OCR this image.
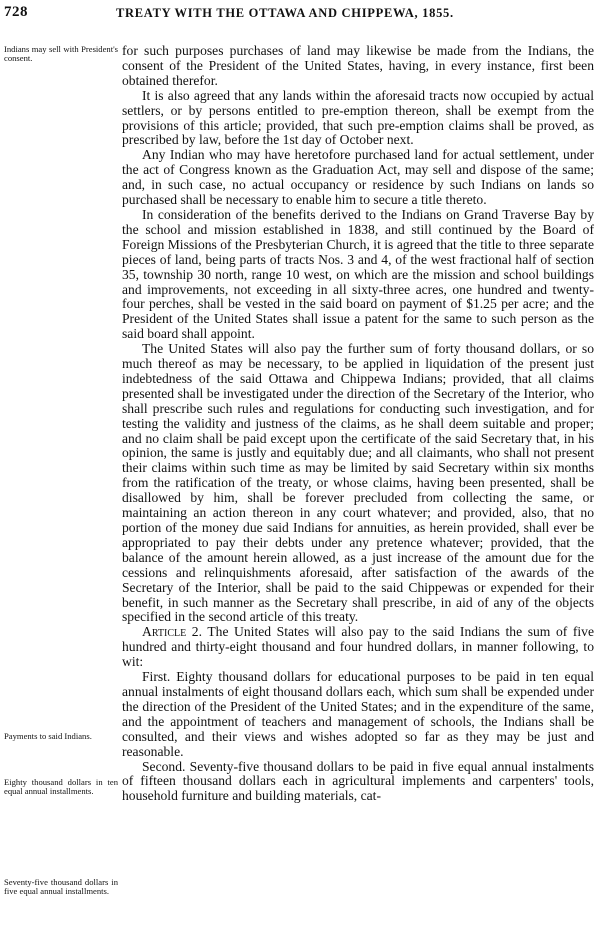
728	TREATY WITH THE OTTAWA AND CHIPPEWA, 1855.
Indians may sell with President's consent.
Payments to said Indians.
Eighty thousand dollars in ten equal annual installments.
Seventy-five thousand dollars in five equal annual installments.

for such purposes purchases of land may likewise be made from the Indians, the consent of the President of the United States, having, in every instance, first been obtained therefor.

It is also agreed that any lands within the aforesaid tracts now occupied by actual settlers, or by persons entitled to pre-emption thereon, shall be exempt from the provisions of this article; provided, that such pre-emption claims shall be proved, as prescribed by law, before the 1st day of October next.

Any Indian who may have heretofore purchased land for actual settlement, under the act of Congress known as the Graduation Act, may sell and dispose of the same; and, in such case, no actual occupancy or residence by such Indians on lands so purchased shall be necessary to enable him to secure a title thereto.

In consideration of the benefits derived to the Indians on Grand Traverse Bay by the school and mission established in 1838, and still continued by the Board of Foreign Missions of the Presbyterian Church, it is agreed that the title to three separate pieces of land, being parts of tracts Nos. 3 and 4, of the west fractional half of section 35, township 30 north, range 10 west, on which are the mission and school buildings and improvements, not exceeding in all sixty-three acres, one hundred and twenty-four perches, shall be vested in the said board on payment of $1.25 per acre; and the President of the United States shall issue a patent for the same to such person as the said board shall appoint.

The United States will also pay the further sum of forty thousand dollars, or so much thereof as may be necessary, to be applied in liquidation of the present just indebtedness of the said Ottawa and Chippewa Indians; provided, that all claims presented shall be investigated under the direction of the Secretary of the Interior, who shall prescribe such rules and regulations for conducting such investigation, and for testing the validity and justness of the claims, as he shall deem suitable and proper; and no claim shall be paid except upon the certificate of the said Secretary that, in his opinion, the same is justly and equitably due; and all claimants, who shall not present their claims within such time as may be limited by said Secretary within six months from the ratification of the treaty, or whose claims, having been presented, shall be disallowed by him, shall be forever precluded from collecting the same, or maintaining an action thereon in any court whatever; and provided, also, that no portion of the money due said Indians for annuities, as herein provided, shall ever be appropriated to pay their debts under any pretence whatever; provided, that the balance of the amount herein allowed, as a just increase of the amount due for the cessions and relinquishments aforesaid, after satisfaction of the awards of the Secretary of the Interior, shall be paid to the said Chippewas or expended for their benefit, in such manner as the Secretary shall prescribe, in aid of any of the objects specified in the second article of this treaty.

Article 2. The United States will also pay to the said Indians the sum of five hundred and thirty-eight thousand and four hundred dollars, in manner following, to wit:

First. Eighty thousand dollars for educational purposes to be paid in ten equal annual instalments of eight thousand dollars each, which sum shall be expended under the direction of the President of the United States; and in the expenditure of the same, and the appointment of teachers and management of schools, the Indians shall be consulted, and their views and wishes adopted so far as they may be just and reasonable.

Second. Seventy-five thousand dollars to be paid in five equal annual instalments of fifteen thousand dollars each in agricultural implements and carpenters' tools, household furniture and building materials, cat-
